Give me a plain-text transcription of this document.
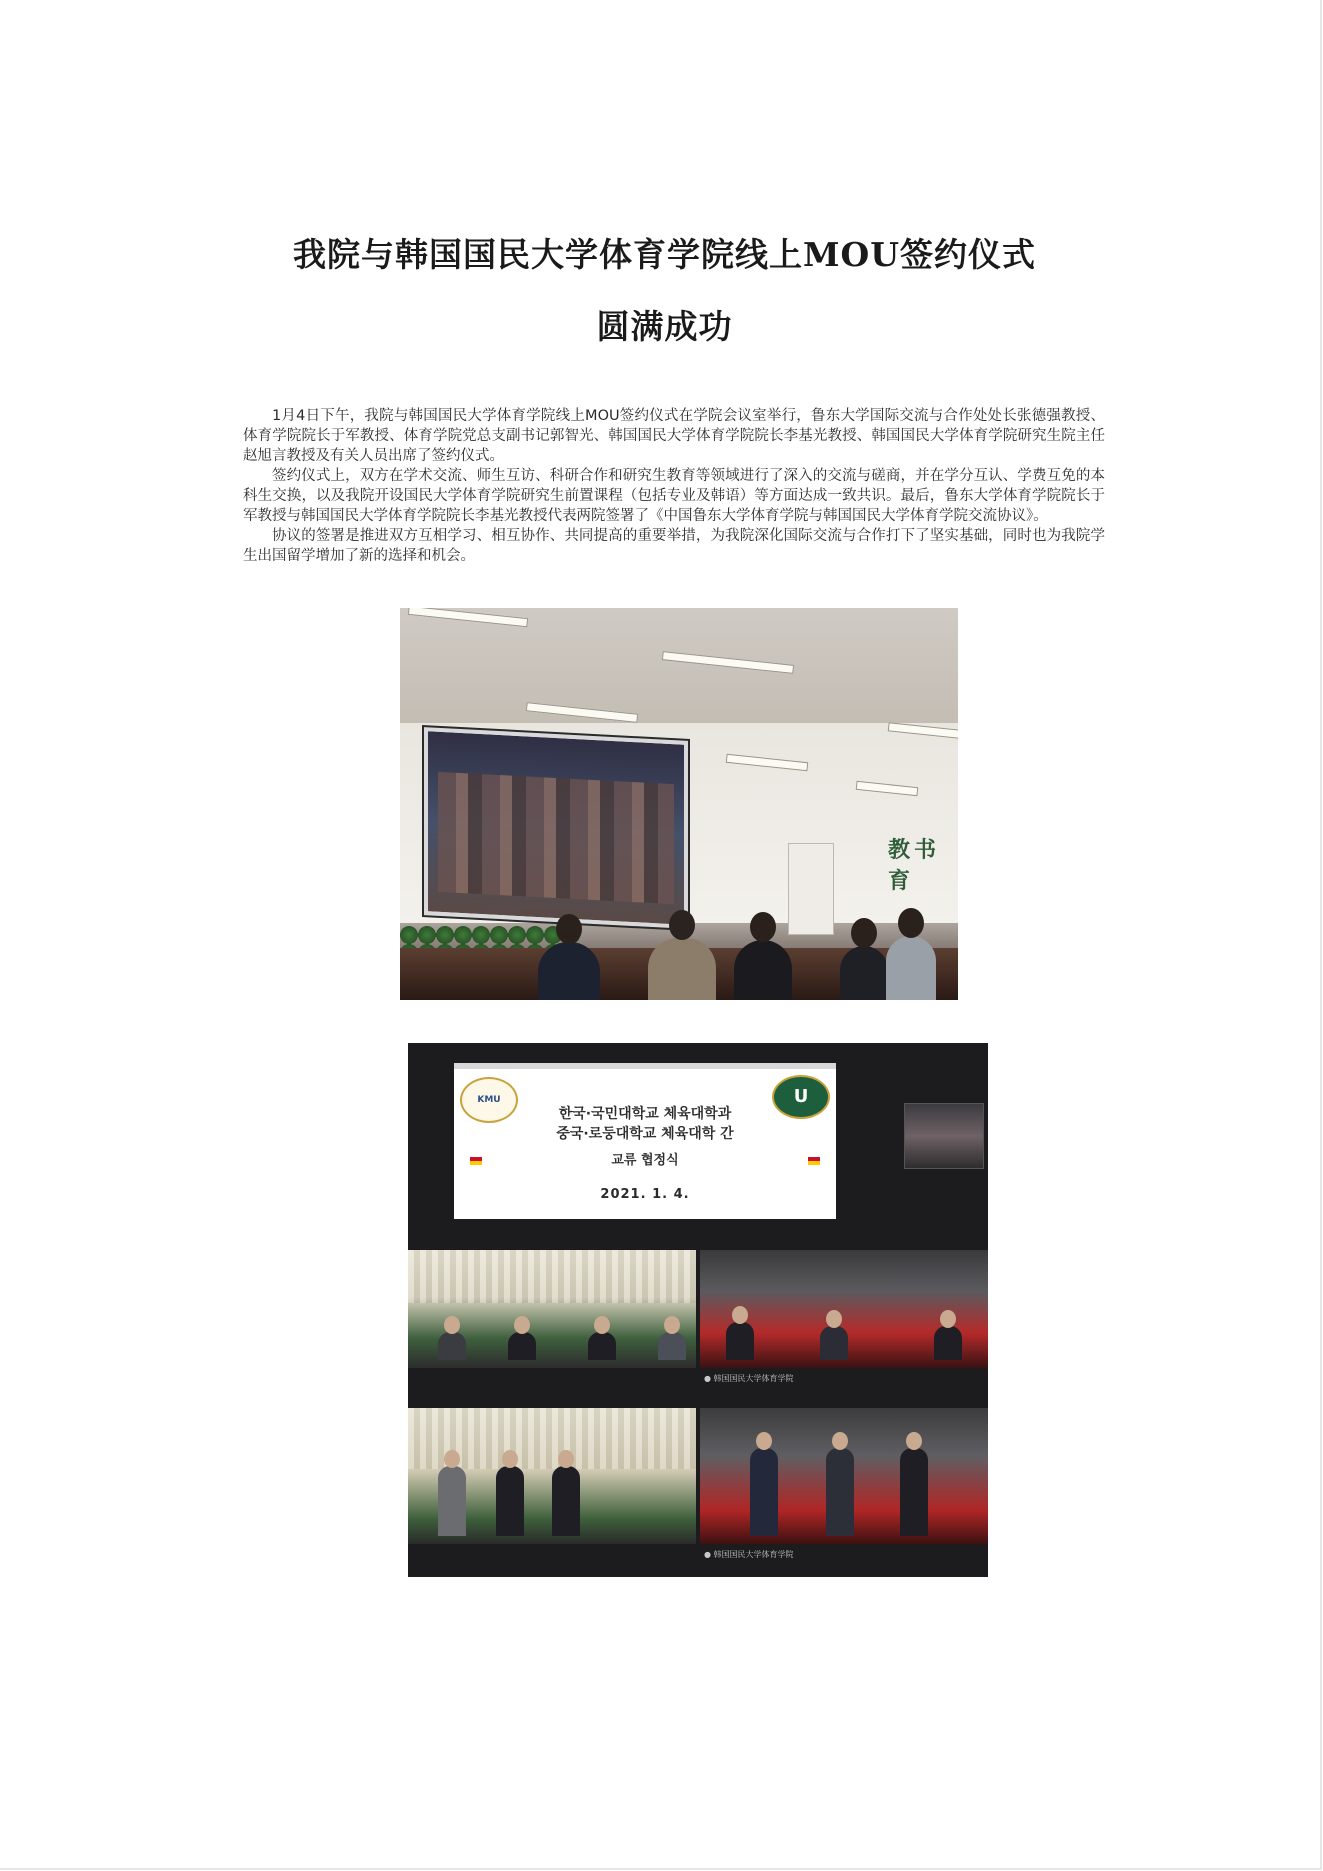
我院与韩国国民大学体育学院线上MOU签约仪式
圆满成功

1月4日下午，我院与韩国国民大学体育学院线上MOU签约仪式在学院会议室举行，鲁东大学国际交流与合作处处长张德强教授、体育学院院长于军教授、体育学院党总支副书记郭智光、韩国国民大学体育学院院长李基光教授、韩国国民大学体育学院研究生院主任赵旭言教授及有关人员出席了签约仪式。

签约仪式上，双方在学术交流、师生互访、科研合作和研究生教育等领域进行了深入的交流与磋商，并在学分互认、学费互免的本科生交换，以及我院开设国民大学体育学院研究生前置课程（包括专业及韩语）等方面达成一致共识。最后，鲁东大学体育学院院长于军教授与韩国国民大学体育学院院长李基光教授代表两院签署了《中国鲁东大学体育学院与韩国国民大学体育学院交流协议》。

协议的签署是推进双方互相学习、相互协作、共同提高的重要举措，为我院深化国际交流与合作打下了坚实基础，同时也为我院学生出国留学增加了新的选择和机会。

教书育
KMU	U
한국·국민대학교 체육대학과
중국·로둥대학교 체육대학 간
교류 협정식
2021. 1. 4.
● 韩国国民大学体育学院
● 韩国国民大学体育学院
